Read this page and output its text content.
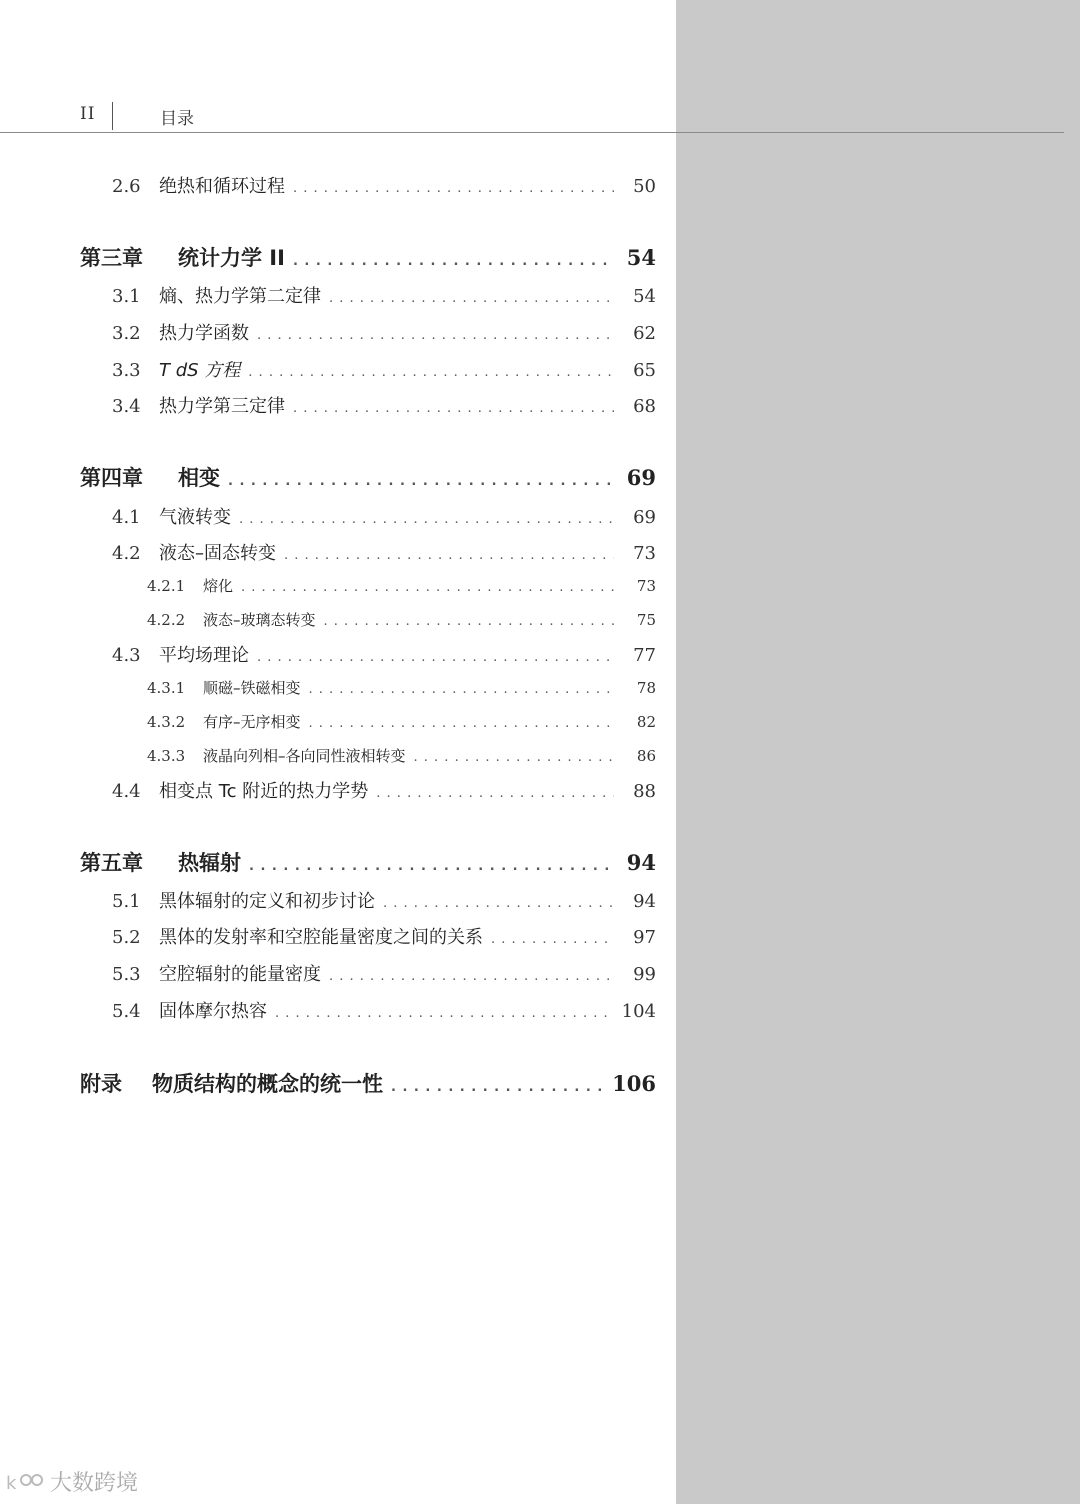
II	目录
2.6	绝热和循环过程 . . .	50
第三章	统计力学 II . . .	54
3.1	熵、热力学第二定律 . . .	54
3.2	热力学函数 . . .	62
3.3	T dS 方程 . . .	65
3.4	热力学第三定律 . . .	68
第四章	相变 . . .	69
4.1	气液转变 . . .	69
4.2	液态–固态转变 . . .	73
4.2.1	熔化 . . .	73
4.2.2	液态–玻璃态转变 . . .	75
4.3	平均场理论 . . .	77
4.3.1	顺磁–铁磁相变 . . .	78
4.3.2	有序–无序相变 . . .	82
4.3.3	液晶向列相–各向同性液相转变 . . .	86
4.4	相变点 Tc 附近的热力学势 . . .	88
第五章	热辐射 . . .	94
5.1	黑体辐射的定义和初步讨论 . . .	94
5.2	黑体的发射率和空腔能量密度之间的关系 . . .	97
5.3	空腔辐射的能量密度 . . .	99
5.4	固体摩尔热容 . . .	104
附录	物质结构的概念的统一性 . . .	106
k 大数跨境
